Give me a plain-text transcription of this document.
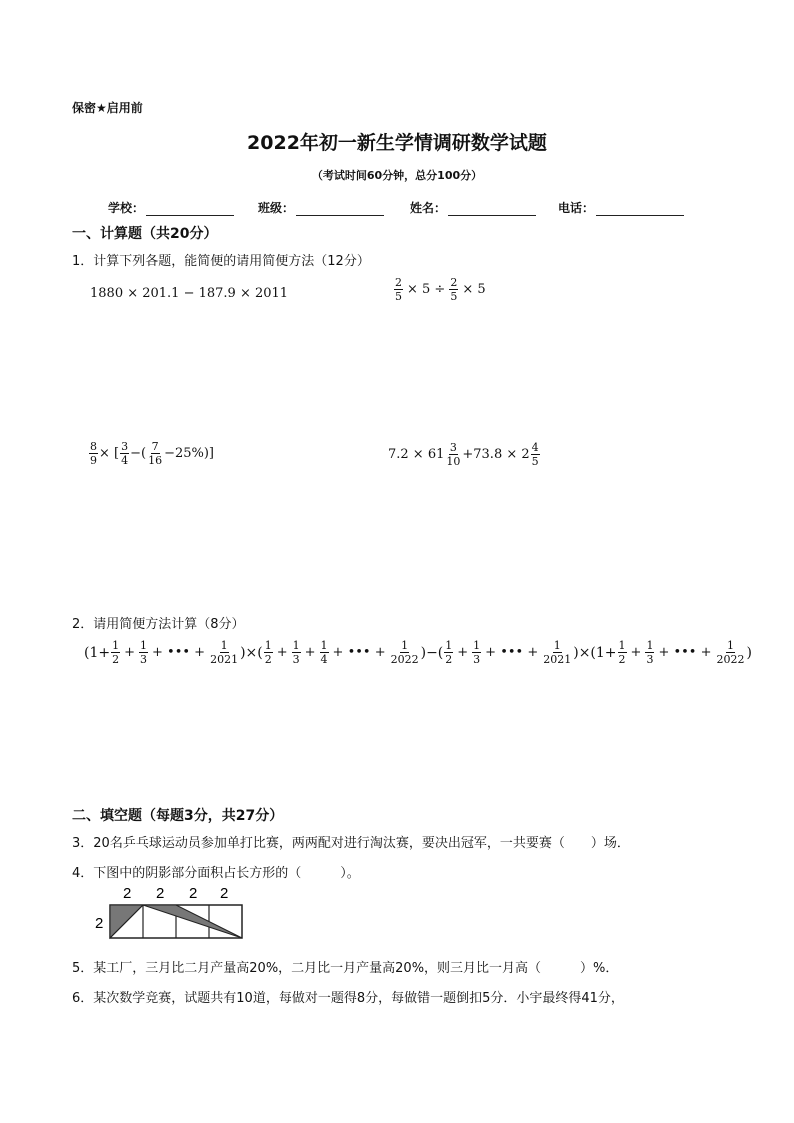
保密★启用前
2022年初一新生学情调研数学试题
（考试时间60分钟，总分100分）
学校：	班级：	姓名：	电话：
一、计算题（共20分）
1．计算下列各题，能简便的请用简便方法（12分）
1880 × 201.1 − 187.9 × 2011	$\frac{2}{5} \times 5 \div \frac{2}{5} \times 5$
$\frac{8}{9}$ × [ $\frac{3}{4}$ −( $\frac{7}{16} -25\%$)]	$7.2 \times 61 \frac{3}{10} +73.8 \times 2 \frac{4}{5}$
2．请用简便方法计算（8分）
($1+ \frac{1}{2} + \frac{1}{3}$ + ••• + $\frac{1}{2021}$ )×( $\frac{1}{2} + \frac{1}{3} + \frac{1}{4}$ + ••• + $\frac{1}{2022}$ )−( $\frac{1}{2} + \frac{1}{3}$ + ••• + $\frac{1}{2021} )\times(1+ \frac{1}{2} + \frac{1}{3}$ + ••• + $\frac{1}{2022}$ )
二、填空题（每题3分，共27分）
3．20名乒乓球运动员参加单打比赛，两两配对进行淘汰赛，要决出冠军，一共要赛（　　）场．
4．下图中的阴影部分面积占长方形的（　　　）。
2 2 2 2
2
5．某工厂，三月比二月产量高20%，二月比一月产量高20%，则三月比一月高（　　　）%．
6．某次数学竞赛，试题共有10道，每做对一题得8分，每做错一题倒扣5分．小宇最终得41分，
